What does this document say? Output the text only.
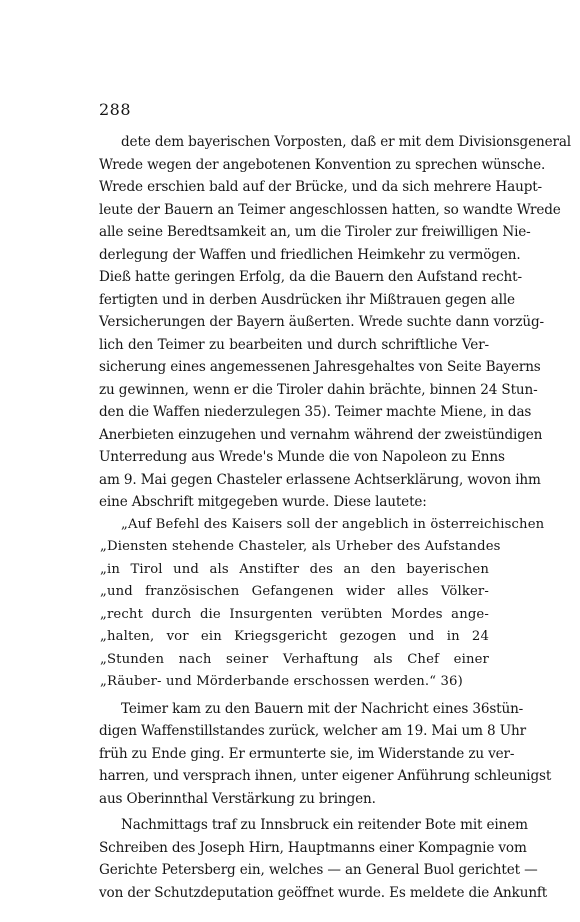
288
dete dem bayerischen Vorposten, daß er mit dem Divisionsgeneral
Wrede wegen der angebotenen Konvention zu sprechen wünsche.
Wrede erschien bald auf der Brücke, und da sich mehrere Haupt-
leute der Bauern an Teimer angeschlossen hatten, so wandte Wrede
alle seine Beredtsamkeit an, um die Tiroler zur freiwilligen Nie-
derlegung der Waffen und friedlichen Heimkehr zu vermögen.
Dieß hatte geringen Erfolg, da die Bauern den Aufstand recht-
fertigten und in derben Ausdrücken ihr Mißtrauen gegen alle
Versicherungen der Bayern äußerten. Wrede suchte dann vorzüg-
lich den Teimer zu bearbeiten und durch schriftliche Ver-
sicherung eines angemessenen Jahresgehaltes von Seite Bayerns
zu gewinnen, wenn er die Tiroler dahin brächte, binnen 24 Stun-
den die Waffen niederzulegen 35). Teimer machte Miene, in das
Anerbieten einzugehen und vernahm während der zweistündigen
Unterredung aus Wrede's Munde die von Napoleon zu Enns
am 9. Mai gegen Chasteler erlassene Achtserklärung, wovon ihm
eine Abschrift mitgegeben wurde. Diese lautete:
„Auf Befehl des Kaisers soll der angeblich in österreichischen
„Diensten stehende Chasteler, als Urheber des Aufstandes
„in Tirol und als Anstifter des an den bayerischen
„und französischen Gefangenen wider alles Völker-
„recht durch die Insurgenten verübten Mordes ange-
„halten, vor ein Kriegsgericht gezogen und in 24
„Stunden nach seiner Verhaftung als Chef einer
„Räuber- und Mörderbande erschossen werden.“ 36)
Teimer kam zu den Bauern mit der Nachricht eines 36stün-
digen Waffenstillstandes zurück, welcher am 19. Mai um 8 Uhr
früh zu Ende ging. Er ermunterte sie, im Widerstande zu ver-
harren, und versprach ihnen, unter eigener Anführung schleunigst
aus Oberinnthal Verstärkung zu bringen.
Nachmittags traf zu Innsbruck ein reitender Bote mit einem
Schreiben des Joseph Hirn, Hauptmanns einer Kompagnie vom
Gerichte Petersberg ein, welches — an General Buol gerichtet —
von der Schutzdeputation geöffnet wurde. Es meldete die Ankunft
